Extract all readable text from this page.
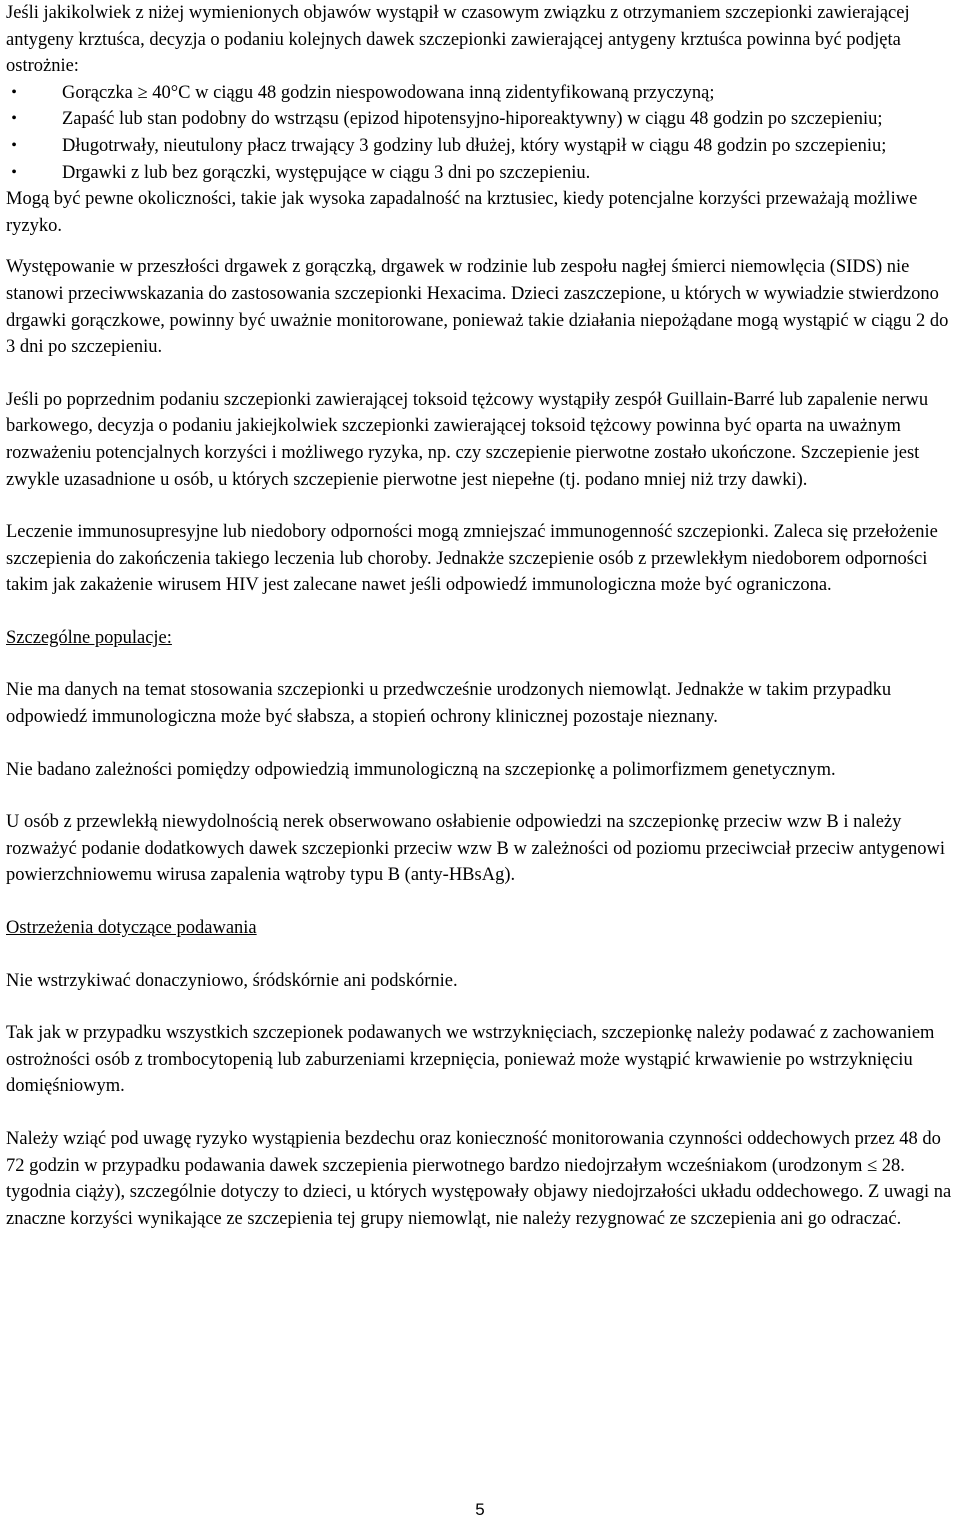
Jeśli jakikolwiek z niżej wymienionych objawów wystąpił w czasowym związku z otrzymaniem szczepionki zawierającej antygeny krztuśca, decyzja o podaniu kolejnych dawek szczepionki zawierającej antygeny krztuśca powinna być podjęta ostrożnie:

• Gorączka ≥ 40°C w ciągu 48 godzin niespowodowana inną zidentyfikowaną przyczyną;
• Zapaść lub stan podobny do wstrząsu (epizod hipotensyjno-hiporeaktywny) w ciągu 48 godzin po szczepieniu;
• Długotrwały, nieutulony płacz trwający 3 godziny lub dłużej, który wystąpił w ciągu 48 godzin po szczepieniu;
• Drgawki z lub bez gorączki, występujące w ciągu 3 dni po szczepieniu.

Mogą być pewne okoliczności, takie jak wysoka zapadalność na krztusiec, kiedy potencjalne korzyści przeważają możliwe ryzyko.

Występowanie w przeszłości drgawek z gorączką, drgawek w rodzinie lub zespołu nagłej śmierci niemowlęcia (SIDS) nie stanowi przeciwwskazania do zastosowania szczepionki Hexacima. Dzieci zaszczepione, u których w wywiadzie stwierdzono drgawki gorączkowe, powinny być uważnie monitorowane, ponieważ takie działania niepożądane mogą wystąpić w ciągu 2 do 3 dni po szczepieniu.

Jeśli po poprzednim podaniu szczepionki zawierającej toksoid tężcowy wystąpiły zespół Guillain-Barré lub zapalenie nerwu barkowego, decyzja o podaniu jakiejkolwiek szczepionki zawierającej toksoid tężcowy powinna być oparta na uważnym rozważeniu potencjalnych korzyści i możliwego ryzyka, np. czy szczepienie pierwotne zostało ukończone. Szczepienie jest zwykle uzasadnione u osób, u których szczepienie pierwotne jest niepełne (tj. podano mniej niż trzy dawki).

Leczenie immunosupresyjne lub niedobory odporności mogą zmniejszać immunogenność szczepionki. Zaleca się przełożenie szczepienia do zakończenia takiego leczenia lub choroby. Jednakże szczepienie osób z przewlekłym niedoborem odporności takim jak zakażenie wirusem HIV jest zalecane nawet jeśli odpowiedź immunologiczna może być ograniczona.

Szczególne populacje:

Nie ma danych na temat stosowania szczepionki u przedwcześnie urodzonych niemowląt. Jednakże w takim przypadku odpowiedź immunologiczna może być słabsza, a stopień ochrony klinicznej pozostaje nieznany.

Nie badano zależności pomiędzy odpowiedzią immunologiczną na szczepionkę a polimorfizmem genetycznym.

U osób z przewlekłą niewydolnością nerek obserwowano osłabienie odpowiedzi na szczepionkę przeciw wzw B i należy rozważyć podanie dodatkowych dawek szczepionki przeciw wzw B w zależności od poziomu przeciwciał przeciw antygenowi powierzchniowemu wirusa zapalenia wątroby typu B (anty-HBsAg).

Ostrzeżenia dotyczące podawania

Nie wstrzykiwać donaczyniowo, śródskórnie ani podskórnie.

Tak jak w przypadku wszystkich szczepionek podawanych we wstrzyknięciach, szczepionkę należy podawać z zachowaniem ostrożności osób z trombocytopenią lub zaburzeniami krzepnięcia, ponieważ może wystąpić krwawienie po wstrzyknięciu domięśniowym.

Należy wziąć pod uwagę ryzyko wystąpienia bezdechu oraz konieczność monitorowania czynności oddechowych przez 48 do 72 godzin w przypadku podawania dawek szczepienia pierwotnego bardzo niedojrzałym wcześniakom (urodzonym ≤ 28. tygodnia ciąży), szczególnie dotyczy to dzieci, u których występowały objawy niedojrzałości układu oddechowego. Z uwagi na znaczne korzyści wynikające ze szczepienia tej grupy niemowląt, nie należy rezygnować ze szczepienia ani go odraczać.

5
